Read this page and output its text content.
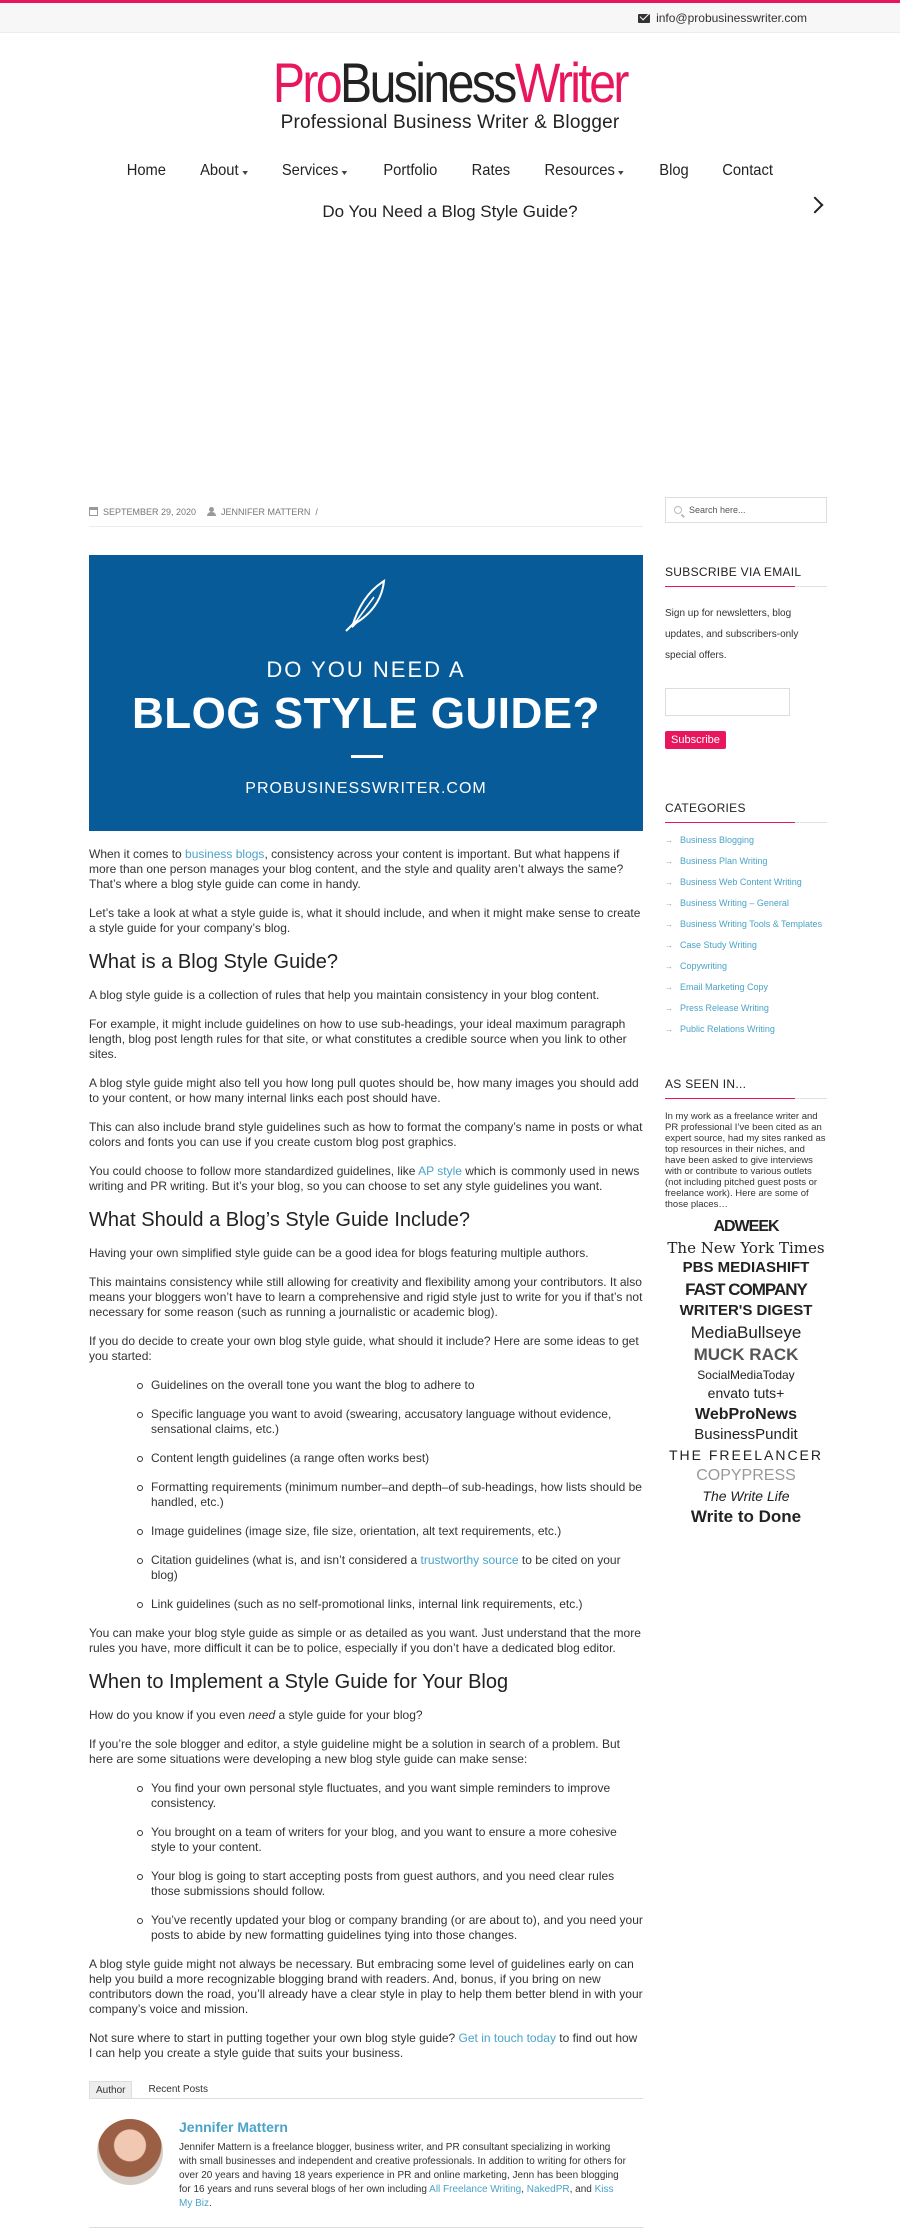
info@probusinesswriter.com
ProBusinessWriter
Professional Business Writer & Blogger
Home About	Services	Portfolio Rates Resources	Blog Contact
Do You Need a Blog Style Guide?
SEPTEMBER 29, 2020	JENNIFER MATTERN /
DO YOU NEED A
BLOG STYLE GUIDE?
PROBUSINESSWRITER.COM

When it comes to business blogs, consistency across your content is important. But what happens if more than one person manages your blog content, and the style and quality aren’t always the same? That’s where a blog style guide can come in handy.

Let’s take a look at what a style guide is, what it should include, and when it might make sense to create a style guide for your company’s blog.

What is a Blog Style Guide?

A blog style guide is a collection of rules that help you maintain consistency in your blog content.

For example, it might include guidelines on how to use sub-headings, your ideal maximum paragraph length, blog post length rules for that site, or what constitutes a credible source when you link to other sites.

A blog style guide might also tell you how long pull quotes should be, how many images you should add to your content, or how many internal links each post should have.

This can also include brand style guidelines such as how to format the company’s name in posts or what colors and fonts you can use if you create custom blog post graphics.

You could choose to follow more standardized guidelines, like AP style which is commonly used in news writing and PR writing. But it’s your blog, so you can choose to set any style guidelines you want.

What Should a Blog’s Style Guide Include?

Having your own simplified style guide can be a good idea for blogs featuring multiple authors.

This maintains consistency while still allowing for creativity and flexibility among your contributors. It also means your bloggers won’t have to learn a comprehensive and rigid style just to write for you if that’s not necessary for some reason (such as running a journalistic or academic blog).

If you do decide to create your own blog style guide, what should it include? Here are some ideas to get you started:

Guidelines on the overall tone you want the blog to adhere to
Specific language you want to avoid (swearing, accusatory language without evidence, sensational claims, etc.)
Content length guidelines (a range often works best)
Formatting requirements (minimum number–and depth–of sub-headings, how lists should be handled, etc.)
Image guidelines (image size, file size, orientation, alt text requirements, etc.)
Citation guidelines (what is, and isn’t considered a trustworthy source to be cited on your blog)
Link guidelines (such as no self-promotional links, internal link requirements, etc.)

You can make your blog style guide as simple or as detailed as you want. Just understand that the more rules you have, more difficult it can be to police, especially if you don’t have a dedicated blog editor.

When to Implement a Style Guide for Your Blog

How do you know if you even need a style guide for your blog?

If you’re the sole blogger and editor, a style guideline might be a solution in search of a problem. But here are some situations were developing a new blog style guide can make sense:

You find your own personal style fluctuates, and you want simple reminders to improve consistency.
You brought on a team of writers for your blog, and you want to ensure a more cohesive style to your content.
Your blog is going to start accepting posts from guest authors, and you need clear rules those submissions should follow.
You’ve recently updated your blog or company branding (or are about to), and you need your posts to abide by new formatting guidelines tying into those changes.

A blog style guide might not always be necessary. But embracing some level of guidelines early on can help you build a more recognizable blogging brand with readers. And, bonus, if you bring on new contributors down the road, you’ll already have a clear style in play to help them better blend in with your company’s voice and mission.

Not sure where to start in putting together your own blog style guide? Get in touch today to find out how I can help you create a style guide that suits your business.

Author	Recent Posts
Jennifer Mattern
Jennifer Mattern is a freelance blogger, business writer, and PR consultant specializing in working with small businesses and independent and creative professionals. In addition to writing for others for over 20 years and having 18 years experience in PR and online marketing, Jenn has been blogging for 16 years and runs several blogs of her own including All Freelance Writing, NakedPR, and Kiss My Biz.
Search here...
SUBSCRIBE VIA EMAIL
Sign up for newsletters, blog updates, and subscribers-only special offers.
Subscribe
CATEGORIES
→ Business Blogging
→ Business Plan Writing
→ Business Web Content Writing
→ Business Writing – General
→ Business Writing Tools & Templates
→ Case Study Writing
→ Copywriting
→ Email Marketing Copy
→ Press Release Writing
→ Public Relations Writing
AS SEEN IN...
In my work as a freelance writer and PR professional I’ve been cited as an expert source, had my sites ranked as top resources in their niches, and have been asked to give interviews with or contribute to various outlets (not including pitched guest posts or freelance work). Here are some of those places…
ADWEEK
The New York Times
PBS MEDIASHIFT
FAST COMPANY
WRITER'S DIGEST
MediaBullseye
MUCK RACK
SocialMediaToday
envato tuts+
WebProNews
BusinessPundit
THE FREELANCER
COPYPRESS
The Write Life
Write to Done
